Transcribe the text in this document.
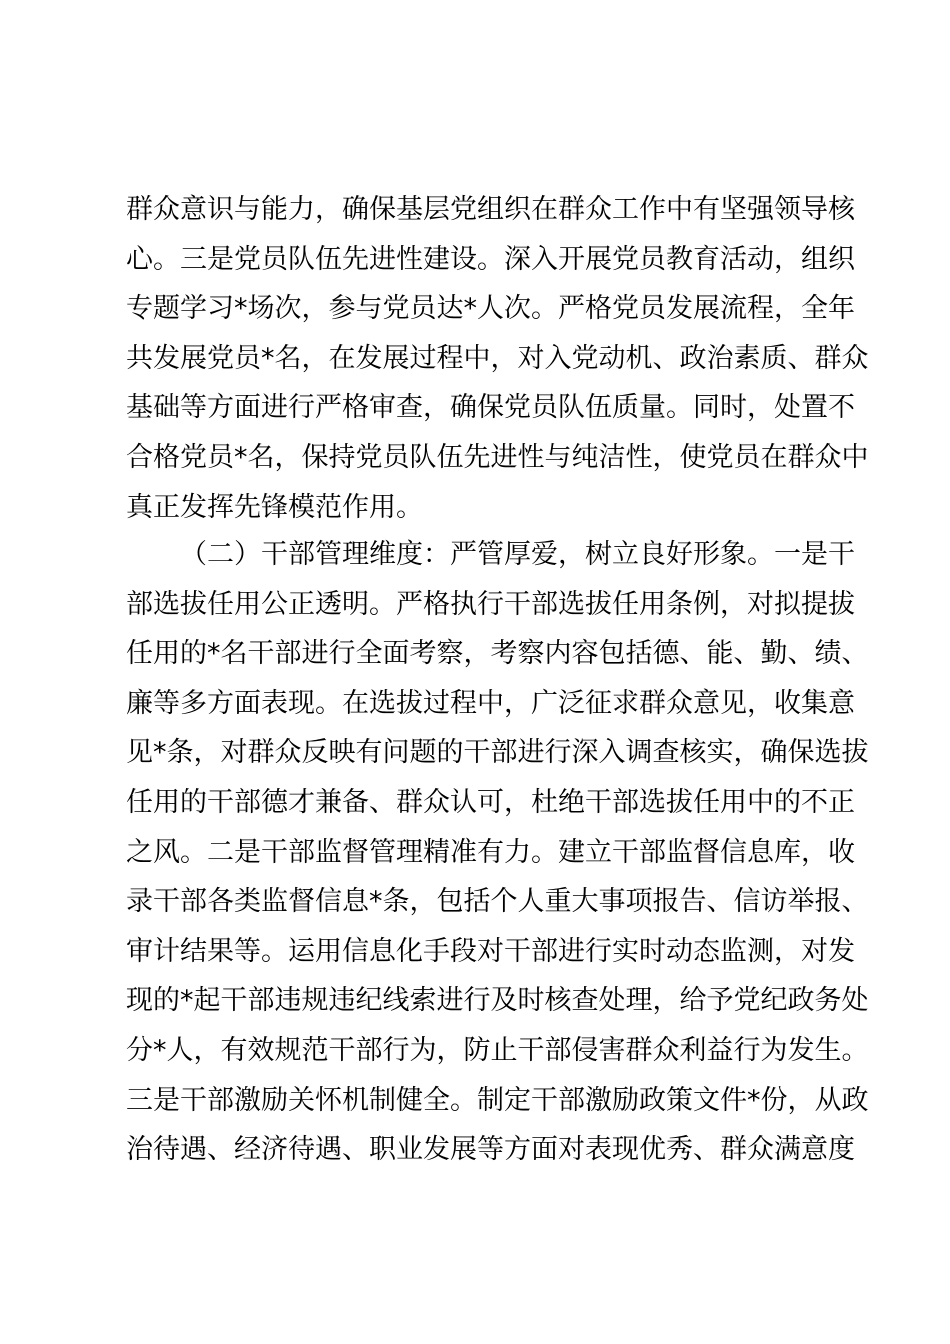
群众意识与能力，确保基层党组织在群众工作中有坚强领导核
心。三是党员队伍先进性建设。深入开展党员教育活动，组织
专题学习*场次，参与党员达*人次。严格党员发展流程，全年
共发展党员*名，在发展过程中，对入党动机、政治素质、群众
基础等方面进行严格审查，确保党员队伍质量。同时，处置不
合格党员*名，保持党员队伍先进性与纯洁性，使党员在群众中
真正发挥先锋模范作用。
（二）干部管理维度：严管厚爱，树立良好形象。一是干
部选拔任用公正透明。严格执行干部选拔任用条例，对拟提拔
任用的*名干部进行全面考察，考察内容包括德、能、勤、绩、
廉等多方面表现。在选拔过程中，广泛征求群众意见，收集意
见*条，对群众反映有问题的干部进行深入调查核实，确保选拔
任用的干部德才兼备、群众认可，杜绝干部选拔任用中的不正
之风。二是干部监督管理精准有力。建立干部监督信息库，收
录干部各类监督信息*条，包括个人重大事项报告、信访举报、
审计结果等。运用信息化手段对干部进行实时动态监测，对发
现的*起干部违规违纪线索进行及时核查处理，给予党纪政务处
分*人，有效规范干部行为，防止干部侵害群众利益行为发生。
三是干部激励关怀机制健全。制定干部激励政策文件*份，从政
治待遇、经济待遇、职业发展等方面对表现优秀、群众满意度
